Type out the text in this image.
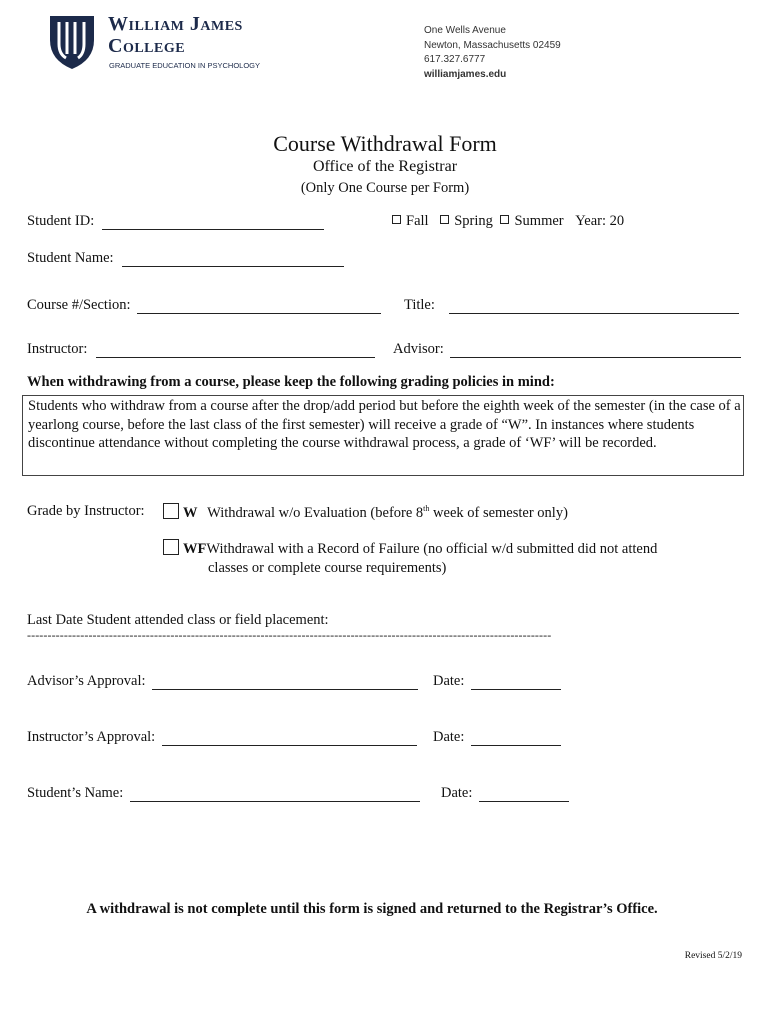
William James
College
GRADUATE EDUCATION IN PSYCHOLOGY
One Wells Avenue
Newton, Massachusetts 02459
617.327.6777
williamjames.edu
Course Withdrawal Form
Office of the Registrar
(Only One Course per Form)
Student ID:	Fall Spring Summer Year: 20
Student Name:
Course #/Section:	Title:
Instructor:	Advisor:
When withdrawing from a course, please keep the following grading policies in mind:
Students who withdraw from a course after the drop/add period but before the eighth week of the semester (in the case of a yearlong course, before the last class of the first semester) will receive a grade of “W”. In instances where students discontinue attendance without completing the course withdrawal process, a grade of ‘WF’ will be recorded.
Grade by Instructor:	W Withdrawal w/o Evaluation (before 8th week of semester only)
WFWithdrawal with a Record of Failure (no official w/d submitted did not attend
classes or complete course requirements)
Last Date Student attended class or field placement:
--------------------------------------------------------------------------------------------------------------------------------
Advisor’s Approval:	Date:
Instructor’s Approval:	Date:
Student’s Name:	Date:
A withdrawal is not complete until this form is signed and returned to the Registrar’s Office.
Revised 5/2/19
